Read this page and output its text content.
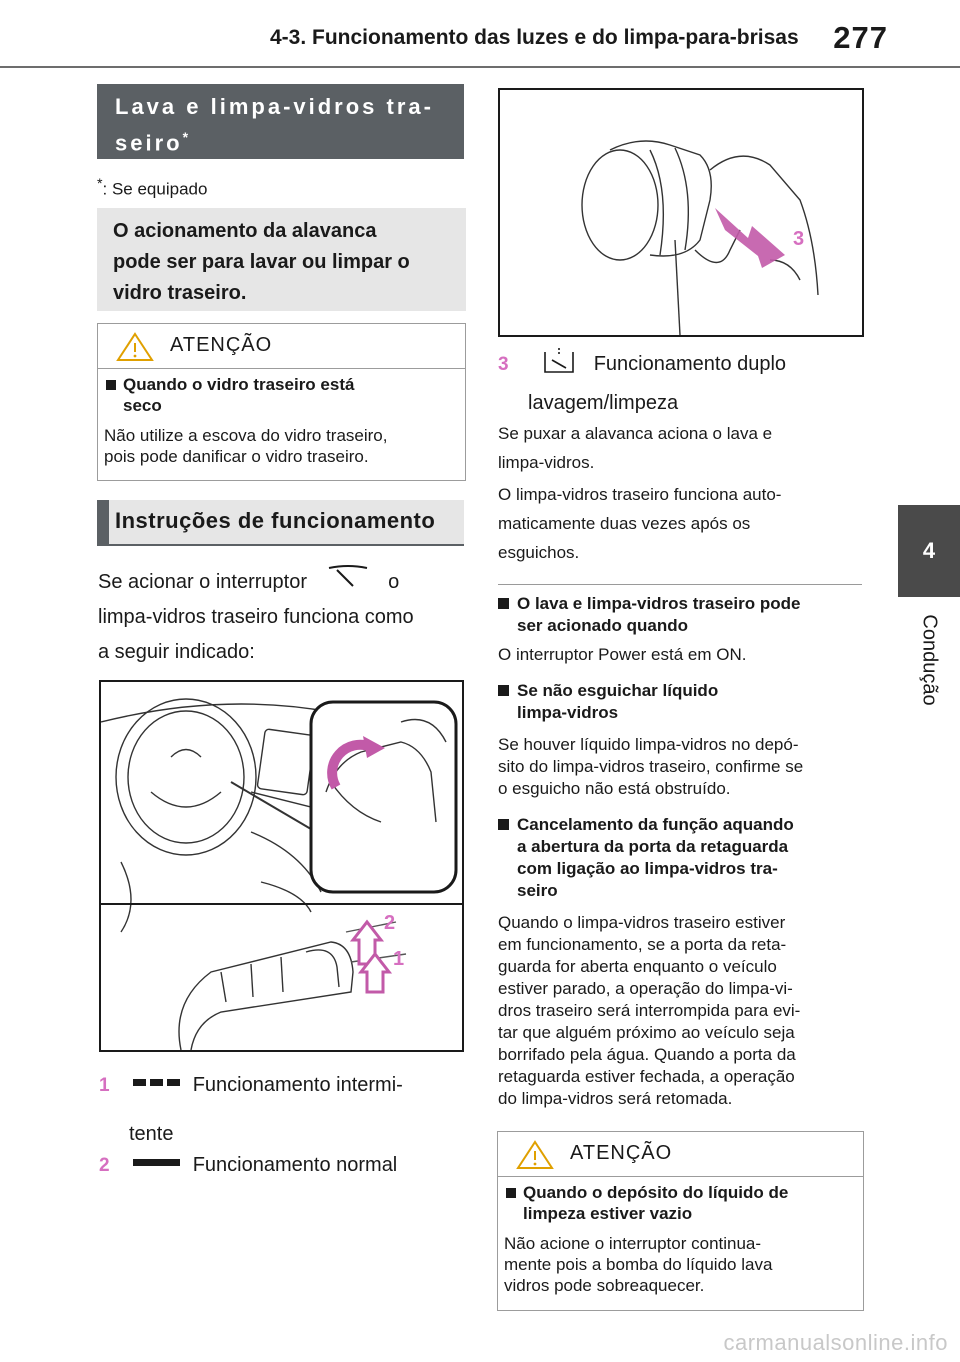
4-3. Funcionamento das luzes e do limpa-para-brisas 277
4
Condução
Lava e limpa-vidros tra-
seiro*
*: Se equipado
O acionamento da alavanca
pode ser para lavar ou limpar o
vidro traseiro.
ATENÇÃO
Quando o vidro traseiro está
seco
Não utilize a escova do vidro traseiro,
pois pode danificar o vidro traseiro.
Instruções de funcionamento
Se acionar o interruptor	o
limpa-vidros traseiro funciona como
a seguir indicado:
2
1
1	Funcionamento intermi-
tente
2	Funcionamento normal
3
3	Funcionamento duplo
lavagem/limpeza
Se puxar a alavanca aciona o lava e
limpa-vidros.
O limpa-vidros traseiro funciona auto-
maticamente duas vezes após os
esguichos.
O lava e limpa-vidros traseiro pode
ser acionado quando
O interruptor Power está em ON.
Se não esguichar líquido
limpa-vidros
Se houver líquido limpa-vidros no depó-
sito do limpa-vidros traseiro, confirme se
o esguicho não está obstruído.
Cancelamento da função aquando
a abertura da porta da retaguarda
com ligação ao limpa-vidros tra-
seiro
Quando o limpa-vidros traseiro estiver
em funcionamento, se a porta da reta-
guarda for aberta enquanto o veículo
estiver parado, a operação do limpa-vi-
dros traseiro será interrompida para evi-
tar que alguém próximo ao veículo seja
borrifado pela água. Quando a porta da
retaguarda estiver fechada, a operação
do limpa-vidros será retomada.
ATENÇÃO
Quando o depósito do líquido de
limpeza estiver vazio
Não acione o interruptor continua-
mente pois a bomba do líquido lava
vidros pode sobreaquecer.
carmanualsonline.info
